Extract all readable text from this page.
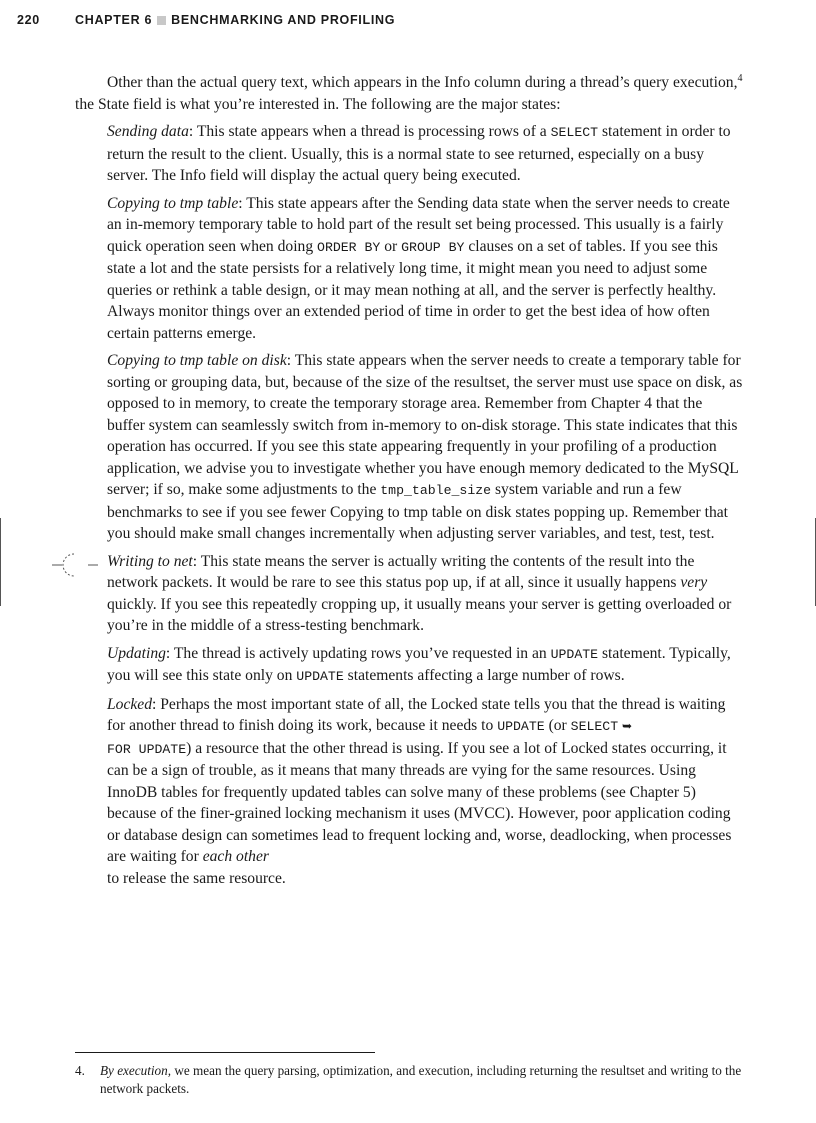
220	CHAPTER 6 BENCHMARKING AND PROFILING

Other than the actual query text, which appears in the Info column during a thread’s query execution,$^4$ the State field is what you’re interested in. The following are the major states:

Sending data: This state appears when a thread is processing rows of a SELECT statement in order to return the result to the client. Usually, this is a normal state to see returned, especially on a busy server. The Info field will display the actual query being executed.

Copying to tmp table: This state appears after the Sending data state when the server needs to create an in-memory temporary table to hold part of the result set being processed. This usually is a fairly quick operation seen when doing ORDER BY or GROUP BY clauses on a set of tables. If you see this state a lot and the state persists for a relatively long time, it might mean you need to adjust some queries or rethink a table design, or it may mean nothing at all, and the server is perfectly healthy. Always monitor things over an extended period of time in order to get the best idea of how often certain patterns emerge.

Copying to tmp table on disk: This state appears when the server needs to create a temporary table for sorting or grouping data, but, because of the size of the resultset, the server must use space on disk, as opposed to in memory, to create the temporary storage area. Remember from Chapter 4 that the buffer system can seamlessly switch from in-memory to on-disk storage. This state indicates that this operation has occurred. If you see this state appearing frequently in your profiling of a production application, we advise you to investigate whether you have enough memory dedicated to the MySQL server; if so, make some adjustments to the tmp_table_size system variable and run a few benchmarks to see if you see fewer Copying to tmp table on disk states popping up. Remember that you should make small changes incrementally when adjusting server variables, and test, test, test.

Writing to net: This state means the server is actually writing the contents of the result into the network packets. It would be rare to see this status pop up, if at all, since it usually happens very quickly. If you see this repeatedly cropping up, it usually means your server is getting overloaded or you’re in the middle of a stress-testing benchmark.

Updating: The thread is actively updating rows you’ve requested in an UPDATE statement. Typically, you will see this state only on UPDATE statements affecting a large number of rows.

Locked: Perhaps the most important state of all, the Locked state tells you that the thread is waiting for another thread to finish doing its work, because it needs to UPDATE (or SELECT ➥
FOR UPDATE) a resource that the other thread is using. If you see a lot of Locked states occurring, it can be a sign of trouble, as it means that many threads are vying for the same resources. Using InnoDB tables for frequently updated tables can solve many of these problems (see Chapter 5) because of the finer-grained locking mechanism it uses (MVCC). However, poor application coding or database design can sometimes lead to frequent locking and, worse, deadlocking, when processes are waiting for each other
to release the same resource.

4. By execution, we mean the query parsing, optimization, and execution, including returning the resultset and writing to the network packets.
